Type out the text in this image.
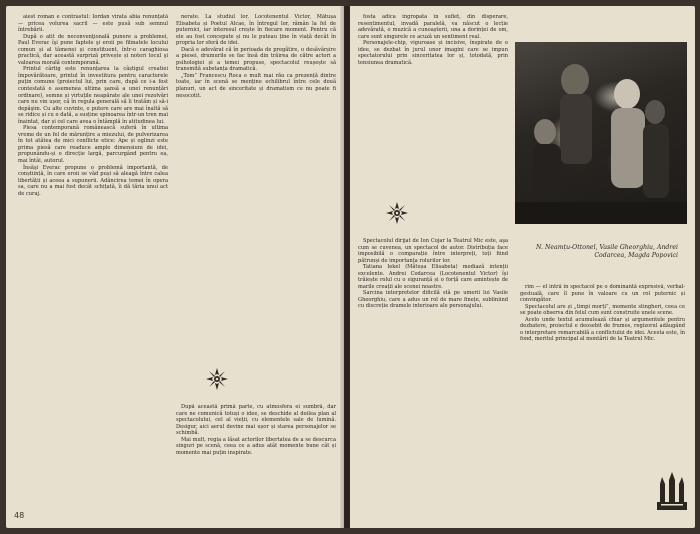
aiest roman e contrastul: Iordan virata abia renunțată — pricea volurea sacril — este pusă sub semnul întrebării.

După o atit de neconvenţională punere a problemei, Paul Everac îşi pune faptele şi eroii pe filmatele locului comun și al tâmenei și constituent, într-o caraghiosa practică, dar această surpriză privește și noteri locul şi valoarea morală contemporană.

Printul cârtig este renunțarea la câștigul creatiei împovărătoare, printul în investitura pentru caracterele puțin comune (proiectul lui, prin care, după ce i-a fost contestată o asemenea ultima şansă a unei renunțări ordinare), semne și virtuțile neapărate ale unei rezolvări care nu vin ușor, că în regula generală să îi tratăm și să-i depăşim. Cu alte cuvinte, o putere care are mai înaltă să se ridice și cu o dată, a susține spinoarea într-un tren mai înaintat, dar și cel care avea o întâmplă în atitudinea lui.

Piesa contemporană românească suferă în ultima vreme de un fel de mărunțire a miezului, de pulverizarea în tot atâtea de mici conflicte etice: Ape și oglinzi este prima piesă care readuce ample dimensiuni de idei, propunându-și o direcție largă, parcurgând pentru ea, mai întâi, autorul.

Însăşi Everac propune o problemă importantă, de conștiință, în care eroii se văd puși să aleagă între calea libertății și aceea a supunerii. Adâncirea temei în opera sa, care nu a mai fost decât schițată, îi dă tăria unui act de curaj.

nerate. La studiul lor, Locotenentul Victor, Mătușa Elisabeta și Poetul Alcae, în întregul lor, rămân la fel de puternici, iar interesul crește în fiecare moment. Pentru că ele au fost concepute și nu le puteau ține în viață decât în propria lor sferă de idei.

Dacă e adevărat că în perioada de pregătire, o desăvârșire a piesei, drumurile se fac însă din trăirea de către actori a psihologiei și a temei propuse, spectacolul reușește să transmită substanța dramatică.

„Tom” Francescu Roca e mult mai rău ca prezență dintre toate, iar în scenă se menține echilibrul între cele două planuri, un act de sinceritate și dramatism ce nu poate fi nesocotit.

După această primă parte, cu atmosfera ei sumbră, dar care ne comunică totuși o idee, se deschide al doilea plan al spectacolului, cel al vieții, cu elementele sale de lumină. Desigur, aici aerul devine mai ușor și starea personajelor se schimbă.

Mai mult, regia a lăsat actorilor libertatea de a se descurca singuri pe scenă, ceea ce a adus atât momente bune cât și momente mai puțin inspirate.

48

fosta adica îngropata în suflet, din disperare, resentimentul, invadă paralelă, va născut o lecție adevărată, o muzică a cunoașterii, una a dorinței de om, care sunt singurele ce acuză un sentiment real.

Personajele-chip, viguroase și incisive, înspirate de o idee, se dezbat în jurul unor imagini care se impun spectatorului prin sinceritatea lor și, totodată, prin tensiunea dramatică.

Spectacolul dirijat de Ion Cojar la Teatrul Mic este, aşa cum se cuvenea, un spectacol de autor. Distribuția face imposibilă o comparație între interpreți, toți fiind pătrunși de importanța rolurilor lor.

Tatiana Iekel (Mătușa Elisabeta) mediază intenții excelente. Andrei Codarcea (Locotenentul Victor) își trăiește rolul cu o siguranță și o forță care amintește de marile creații ale scenei noastre.

Sarcina interpretelor dificilă stă pe umerii lui Vasile Gheorghiu, care a adus un rol de mare finețe, subliniind cu discreție dramele interioare ale personajului.

N. Neamțu-Ottonel, Vasile Gheorghiu, Andrei Codarcea, Magda Popovici

rim — el intră în spectacol pe o dominantă expresivă, verbal-gestuală, care îl pune în valoare cu un rol puternic și convingător.

Spectacolul are și „timpi morți”, momente stingheri, ceea ce se poate observa din felul cum sunt construite unele scene.

Acelo unde textul acumulează chiar și argumentele pentru dezbatere, proiectul e deosebit de frumos, regizorul adăugând o interpretare remarcabilă a conflictului de idei. Acesta este, în fond, meritul principal al montării de la Teatrul Mic.
